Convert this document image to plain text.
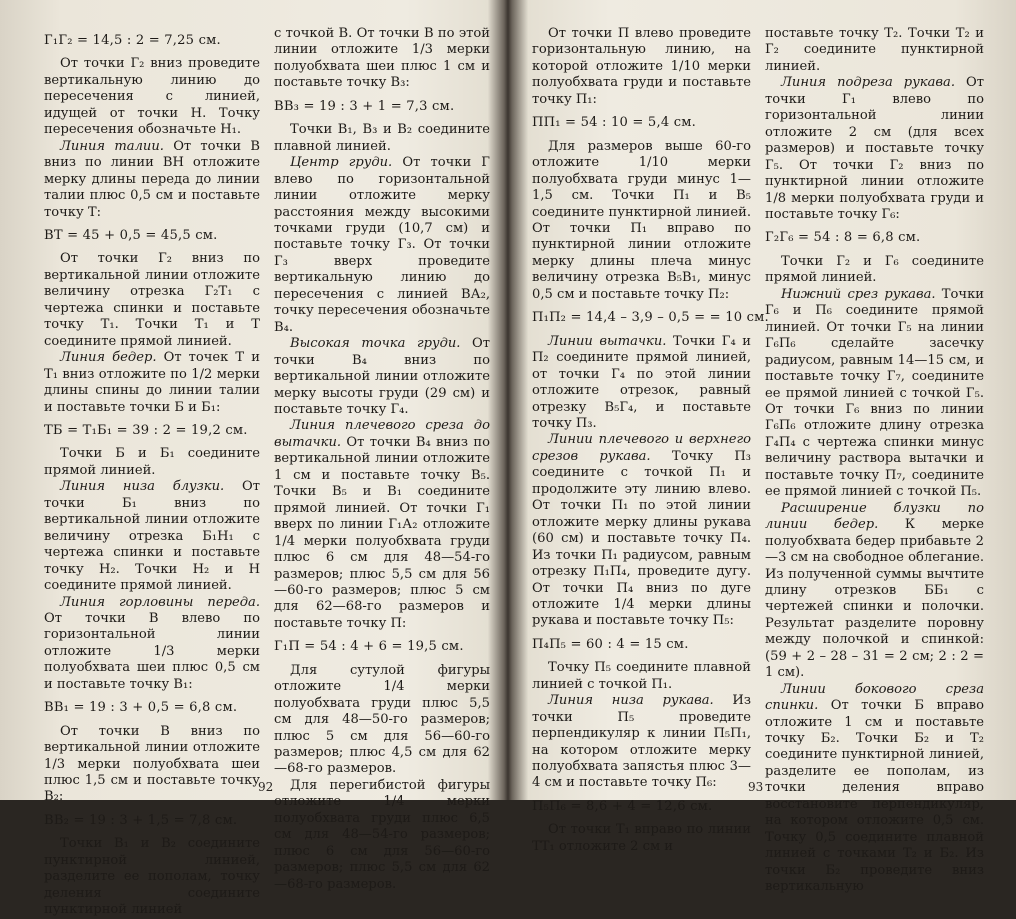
Г₁Г₂ = 14,5 : 2 = 7,25 см.

От точки Г₂ вниз проведите вертикальную линию до пересечения с линией, идущей от точки Н. Точку пересечения обозначьте Н₁.

Линия талии. От точки В вниз по линии ВН отложите мерку длины переда до линии талии плюс 0,5 см и поставьте точку Т:

ВТ = 45 + 0,5 = 45,5 см.

От точки Г₂ вниз по вертикальной линии отложите величину отрезка Г₂Т₁ с чертежа спинки и поставьте точку Т₁. Точки Т₁ и Т соедините прямой линией.

Линия бедер. От точек Т и Т₁ вниз отложите по 1/2 мерки длины спины до линии талии и поставьте точки Б и Б₁:

ТБ = Т₁Б₁ = 39 : 2 = 19,2 см.

Точки Б и Б₁ соедините прямой линией.

Линия низа блузки. От точки Б₁ вниз по вертикальной линии отложите величину отрезка Б₁Н₁ с чертежа спинки и поставьте точку Н₂. Точки Н₂ и Н соедините прямой линией.

Линия горловины переда. От точки В влево по горизонтальной линии отложите 1/3 мерки полуобхвата шеи плюс 0,5 см и поставьте точку В₁:

ВВ₁ = 19 : 3 + 0,5 = 6,8 см.

От точки В вниз по вертикальной линии отложите 1/3 мерки полуобхвата шеи плюс 1,5 см и поставьте точку В₂:

ВВ₂ = 19 : 3 + 1,5 = 7,8 см.

Точки В₁ и В₂ соедините пунктирной линией, разделите ее пополам, точку деления соедините пунктирной линией

с точкой В. От точки В по этой линии отложите 1/3 мерки полуобхвата шеи плюс 1 см и поставьте точку В₃:

ВВ₃ = 19 : 3 + 1 = 7,3 см.

Точки В₁, В₃ и В₂ соедините плавной линией.

Центр груди. От точки Г влево по горизонтальной линии отложите мерку расстояния между высокими точками груди (10,7 см) и поставьте точку Г₃. От точки Г₃ вверх проведите вертикальную линию до пересечения с линией ВА₂, точку пересечения обозначьте В₄.

Высокая точка груди. От точки В₄ вниз по вертикальной линии отложите мерку высоты груди (29 см) и поставьте точку Г₄.

Линия плечевого среза до вытачки. От точки В₄ вниз по вертикальной линии отложите 1 см и поставьте точку В₅. Точки В₅ и В₁ соедините прямой линией. От точки Г₁ вверх по линии Г₁А₂ отложите 1/4 мерки полуобхвата груди плюс 6 см для 48—54-го размеров; плюс 5,5 см для 56—60-го размеров; плюс 5 см для 62—68-го размеров и поставьте точку П:

Г₁П = 54 : 4 + 6 = 19,5 см.

Для сутулой фигуры отложите 1/4 мерки полуобхвата груди плюс 5,5 см для 48—50-го размеров; плюс 5 см для 56—60-го размеров; плюс 4,5 см для 62—68-го размеров.

Для перегибистой фигуры отложите 1/4 мерки полуобхвата груди плюс 6,5 см для 48—54-го размеров; плюс 6 см для 56—60-го размеров; плюс 5,5 см для 62—68-го размеров.

От точки П влево проведите горизонтальную линию, на которой отложите 1/10 мерки полуобхвата груди и поставьте точку П₁:

ПП₁ = 54 : 10 = 5,4 см.

Для размеров выше 60-го отложите 1/10 мерки полуобхвата груди минус 1—1,5 см. Точки П₁ и В₅ соедините пунктирной линией. От точки П₁ вправо по пунктирной линии отложите мерку длины плеча минус величину отрезка В₅В₁, минус 0,5 см и поставьте точку П₂:

П₁П₂ = 14,4 – 3,9 – 0,5 = = 10 см.

Линии вытачки. Точки Г₄ и П₂ соедините прямой линией, от точки Г₄ по этой линии отложите отрезок, равный отрезку В₅Г₄, и поставьте точку П₃.

Линии плечевого и верхнего срезов рукава. Точку П₃ соедините с точкой П₁ и продолжите эту линию влево. От точки П₁ по этой линии отложите мерку длины рукава (60 см) и поставьте точку П₄. Из точки П₁ радиусом, равным отрезку П₁П₄, проведите дугу. От точки П₄ вниз по дуге отложите 1/4 мерки длины рукава и поставьте точку П₅:

П₄П₅ = 60 : 4 = 15 см.

Точку П₅ соедините плавной линией с точкой П₁.

Линия низа рукава. Из точки П₅ проведите перпендикуляр к линии П₅П₁, на котором отложите мерку полуобхвата запястья плюс 3—4 см и поставьте точку П₆:

П₅П₆ = 8,6 + 4 = 12,6 см.

От точки Т₁ вправо по линии ТТ₁ отложите 2 см и

поставьте точку Т₂. Точки Т₂ и Г₂ соедините пунктирной линией.

Линия подреза рукава. От точки Г₁ влево по горизонтальной линии отложите 2 см (для всех размеров) и поставьте точку Г₅. От точки Г₂ вниз по пунктирной линии отложите 1/8 мерки полуобхвата груди и поставьте точку Г₆:

Г₂Г₆ = 54 : 8 = 6,8 см.

Точки Г₂ и Г₆ соедините прямой линией.

Нижний срез рукава. Точки Г₆ и П₆ соедините прямой линией. От точки Г₅ на линии Г₆П₆ сделайте засечку радиусом, равным 14—15 см, и поставьте точку Г₇, соедините ее прямой линией с точкой Г₅. От точки Г₆ вниз по линии Г₆П₆ отложите длину отрезка Г₄П₄ с чертежа спинки минус величину раствора вытачки и поставьте точку П₇, соедините ее прямой линией с точкой П₅.

Расширение блузки по линии бедер. К мерке полуобхвата бедер прибавьте 2—3 см на свободное облегание. Из полученной суммы вычтите длину отрезков ББ₁ с чертежей спинки и полочки. Результат разделите поровну между полочкой и спинкой: (59 + 2 – 28 – 31 = 2 см; 2 : 2 = 1 см).

Линии бокового среза спинки. От точки Б вправо отложите 1 см и поставьте точку Б₂. Точки Б₂ и Т₂ соедините пунктирной линией, разделите ее пополам, из точки деления вправо восстановите перпендикуляр, на котором отложите 0,5 см. Точку 0,5 соедините плавной линией с точками Т₂ и Б₂. Из точки Б₂ проведите вниз вертикальную

92	93
